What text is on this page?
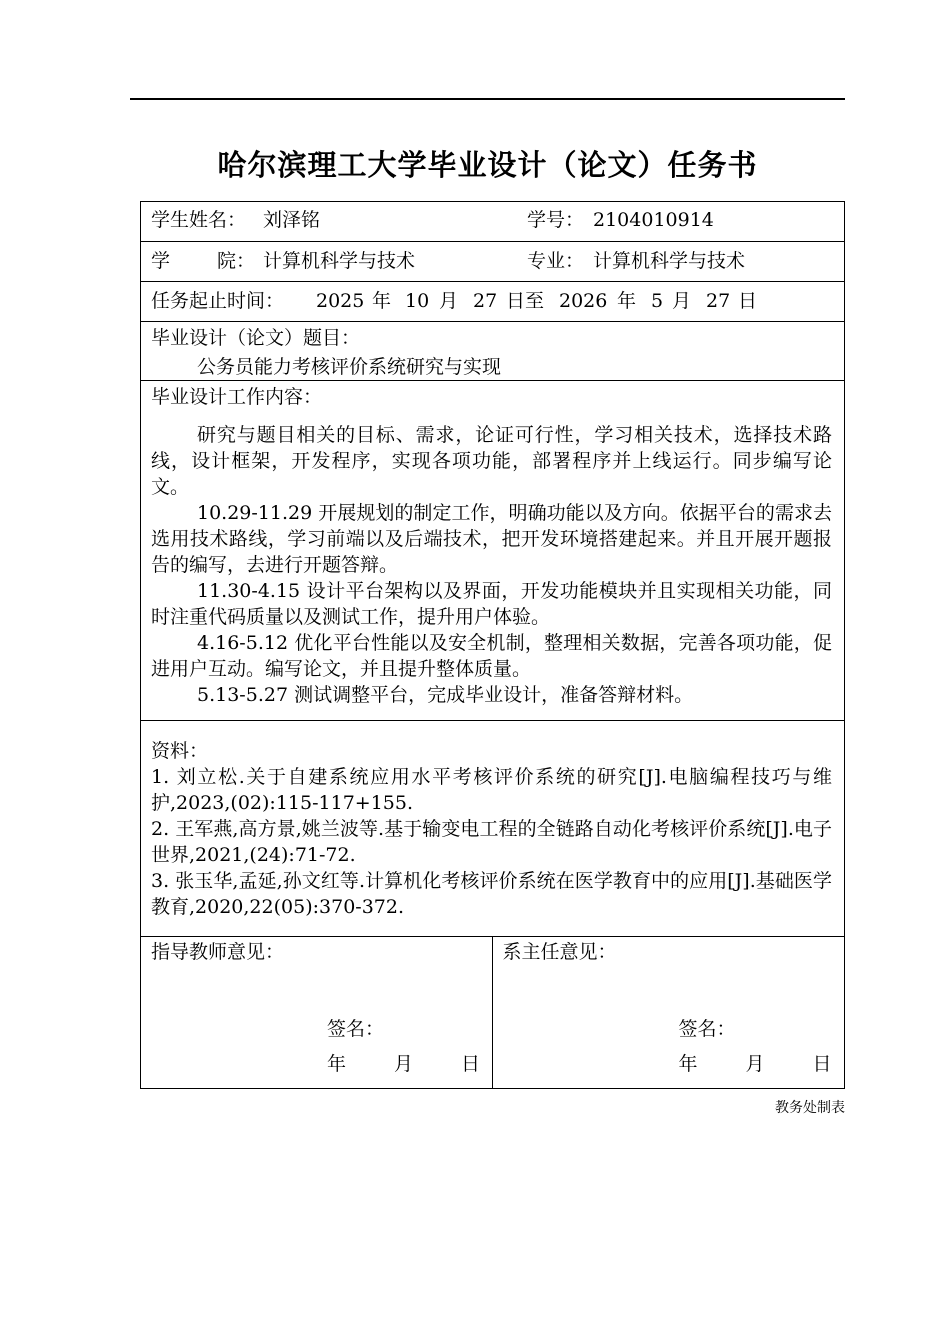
哈尔滨理工大学毕业设计（论文）任务书
学生姓名： 刘泽铭	学号： 2104010914
学 院： 计算机科学与技术	专业： 计算机科学与技术
任务起止时间： 2025 年 10 月 27 日至 2026 年 5 月 27 日
毕业设计（论文）题目：
公务员能力考核评价系统研究与实现
毕业设计工作内容：
研究与题目相关的目标、需求，论证可行性，学习相关技术，选择技术路线，设计框架，开发程序，实现各项功能，部署程序并上线运行。同步编写论文。
10.29-11.29 开展规划的制定工作，明确功能以及方向。依据平台的需求去选用技术路线，学习前端以及后端技术，把开发环境搭建起来。并且开展开题报告的编写，去进行开题答辩。
11.30-4.15 设计平台架构以及界面，开发功能模块并且实现相关功能，同时注重代码质量以及测试工作，提升用户体验。
4.16-5.12 优化平台性能以及安全机制，整理相关数据，完善各项功能，促进用户互动。编写论文，并且提升整体质量。
5.13-5.27 测试调整平台，完成毕业设计，准备答辩材料。
资料：
1. 刘立松.关于自建系统应用水平考核评价系统的研究[J].电脑编程技巧与维护,2023,(02):115-117+155.
2. 王军燕,高方景,姚兰波等.基于输变电工程的全链路自动化考核评价系统[J].电子世界,2021,(24):71-72.
3. 张玉华,孟延,孙文红等.计算机化考核评价系统在医学教育中的应用[J].基础医学教育,2020,22(05):370-372.
指导教师意见：
签名：
年	月	日
系主任意见：
签名：
年	月	日
教务处制表
